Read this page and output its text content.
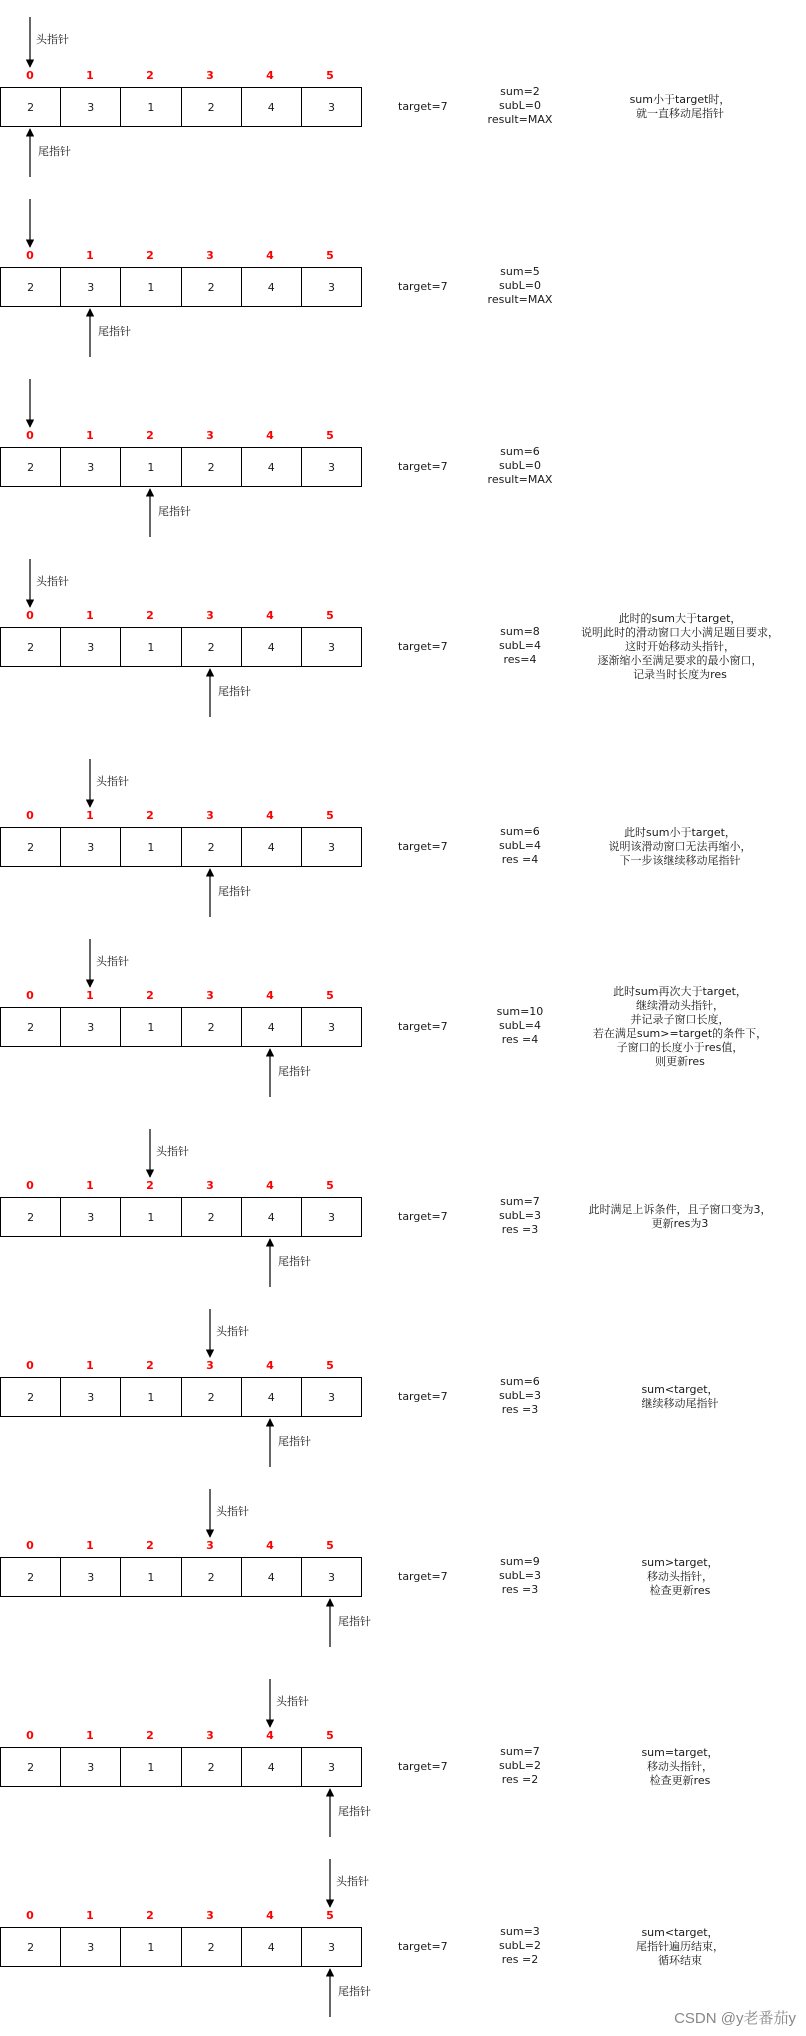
0	1	2	3	4	5
2	3	1	2	4	3
头指针
尾指针
target=7
sum=2
subL=0
result=MAX
sum小于target时，
就一直移动尾指针
0	1	2	3	4	5
2	3	1	2	4	3
尾指针
target=7
sum=5
subL=0
result=MAX
0	1	2	3	4	5
2	3	1	2	4	3
尾指针
target=7
sum=6
subL=0
result=MAX
0	1	2	3	4	5
2	3	1	2	4	3
头指针
尾指针
target=7
sum=8
subL=4
res=4
此时的sum大于target，
说明此时的滑动窗口大小满足题目要求，
这时开始移动头指针，
逐渐缩小至满足要求的最小窗口，
记录当时长度为res
0	1	2	3	4	5
2	3	1	2	4	3
头指针
尾指针
target=7
sum=6
subL=4
res =4
此时sum小于target，
说明该滑动窗口无法再缩小，
下一步该继续移动尾指针
0	1	2	3	4	5
2	3	1	2	4	3
头指针
尾指针
target=7
sum=10
subL=4
res =4
此时sum再次大于target，
继续滑动头指针，
并记录子窗口长度，
若在满足sum>=target的条件下，
子窗口的长度小于res值，
则更新res
0	1	2	3	4	5
2	3	1	2	4	3
头指针
尾指针
target=7
sum=7
subL=3
res =3
此时满足上诉条件，且子窗口变为3，
更新res为3
0	1	2	3	4	5
2	3	1	2	4	3
头指针
尾指针
target=7
sum=6
subL=3
res =3
sum<target，
继续移动尾指针
0	1	2	3	4	5
2	3	1	2	4	3
头指针
尾指针
target=7
sum=9
subL=3
res =3
sum>target，
移动头指针，
检查更新res
0	1	2	3	4	5
2	3	1	2	4	3
头指针
尾指针
target=7
sum=7
subL=2
res =2
sum=target，
移动头指针，
检查更新res
0	1	2	3	4	5
2	3	1	2	4	3
头指针
尾指针
target=7
sum=3
subL=2
res =2
sum<target，
尾指针遍历结束，
循环结束
CSDN @y老番茄y
